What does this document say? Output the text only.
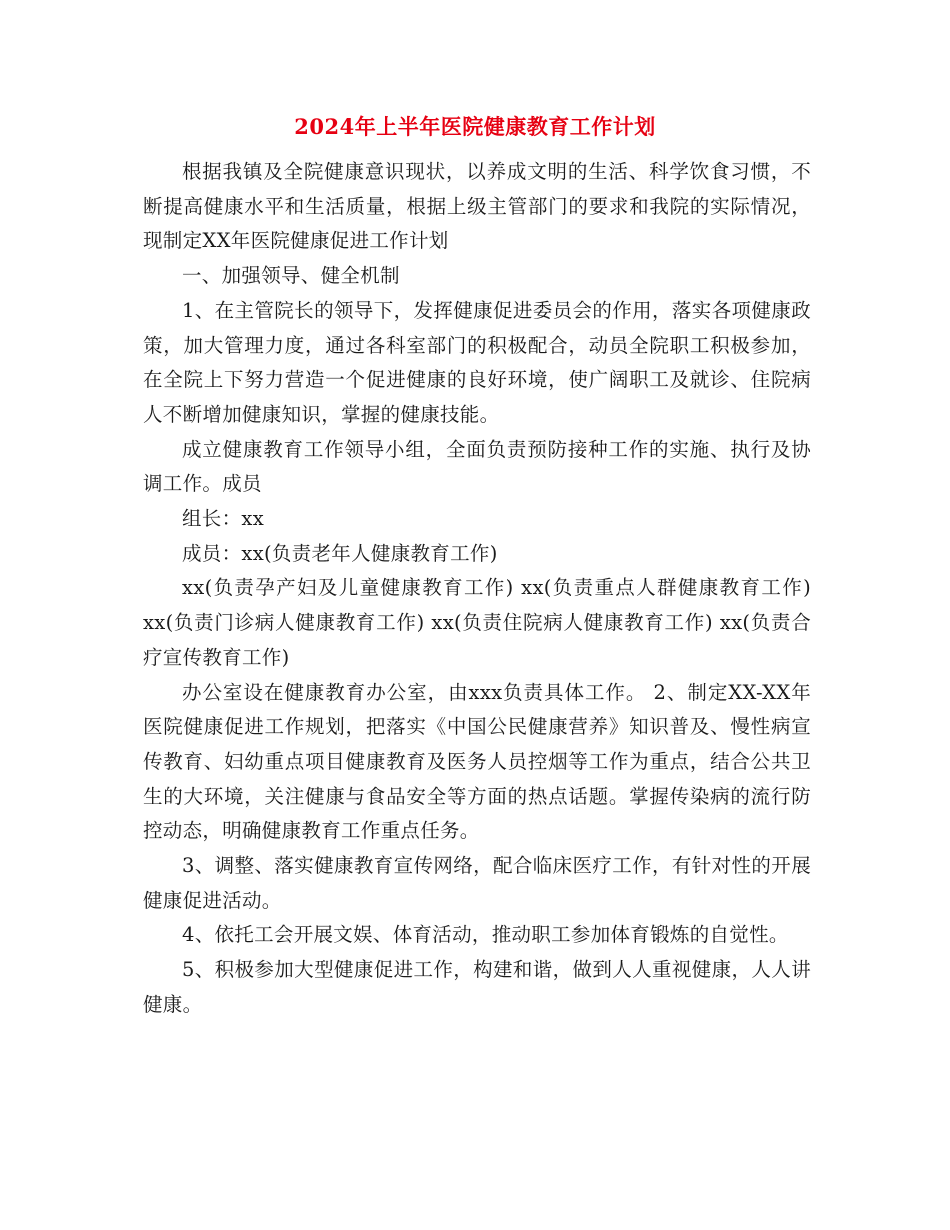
2024年上半年医院健康教育工作计划

根据我镇及全院健康意识现状，以养成文明的生活、科学饮食习惯，不断提高健康水平和生活质量，根据上级主管部门的要求和我院的实际情况，现制定XX年医院健康促进工作计划

一、加强领导、健全机制

1、在主管院长的领导下，发挥健康促进委员会的作用，落实各项健康政策，加大管理力度，通过各科室部门的积极配合，动员全院职工积极参加，在全院上下努力营造一个促进健康的良好环境，使广阔职工及就诊、住院病人不断增加健康知识，掌握的健康技能。

成立健康教育工作领导小组，全面负责预防接种工作的实施、执行及协调工作。成员

组长：xx

成员：xx(负责老年人健康教育工作)

xx(负责孕产妇及儿童健康教育工作) xx(负责重点人群健康教育工作) xx(负责门诊病人健康教育工作) xx(负责住院病人健康教育工作) xx(负责合疗宣传教育工作)

办公室设在健康教育办公室，由xxx负责具体工作。 2、制定XX-XX年医院健康促进工作规划，把落实《中国公民健康营养》知识普及、慢性病宣传教育、妇幼重点项目健康教育及医务人员控烟等工作为重点，结合公共卫生的大环境，关注健康与食品安全等方面的热点话题。掌握传染病的流行防控动态，明确健康教育工作重点任务。

3、调整、落实健康教育宣传网络，配合临床医疗工作，有针对性的开展健康促进活动。

4、依托工会开展文娱、体育活动，推动职工参加体育锻炼的自觉性。

5、积极参加大型健康促进工作，构建和谐，做到人人重视健康，人人讲健康。
